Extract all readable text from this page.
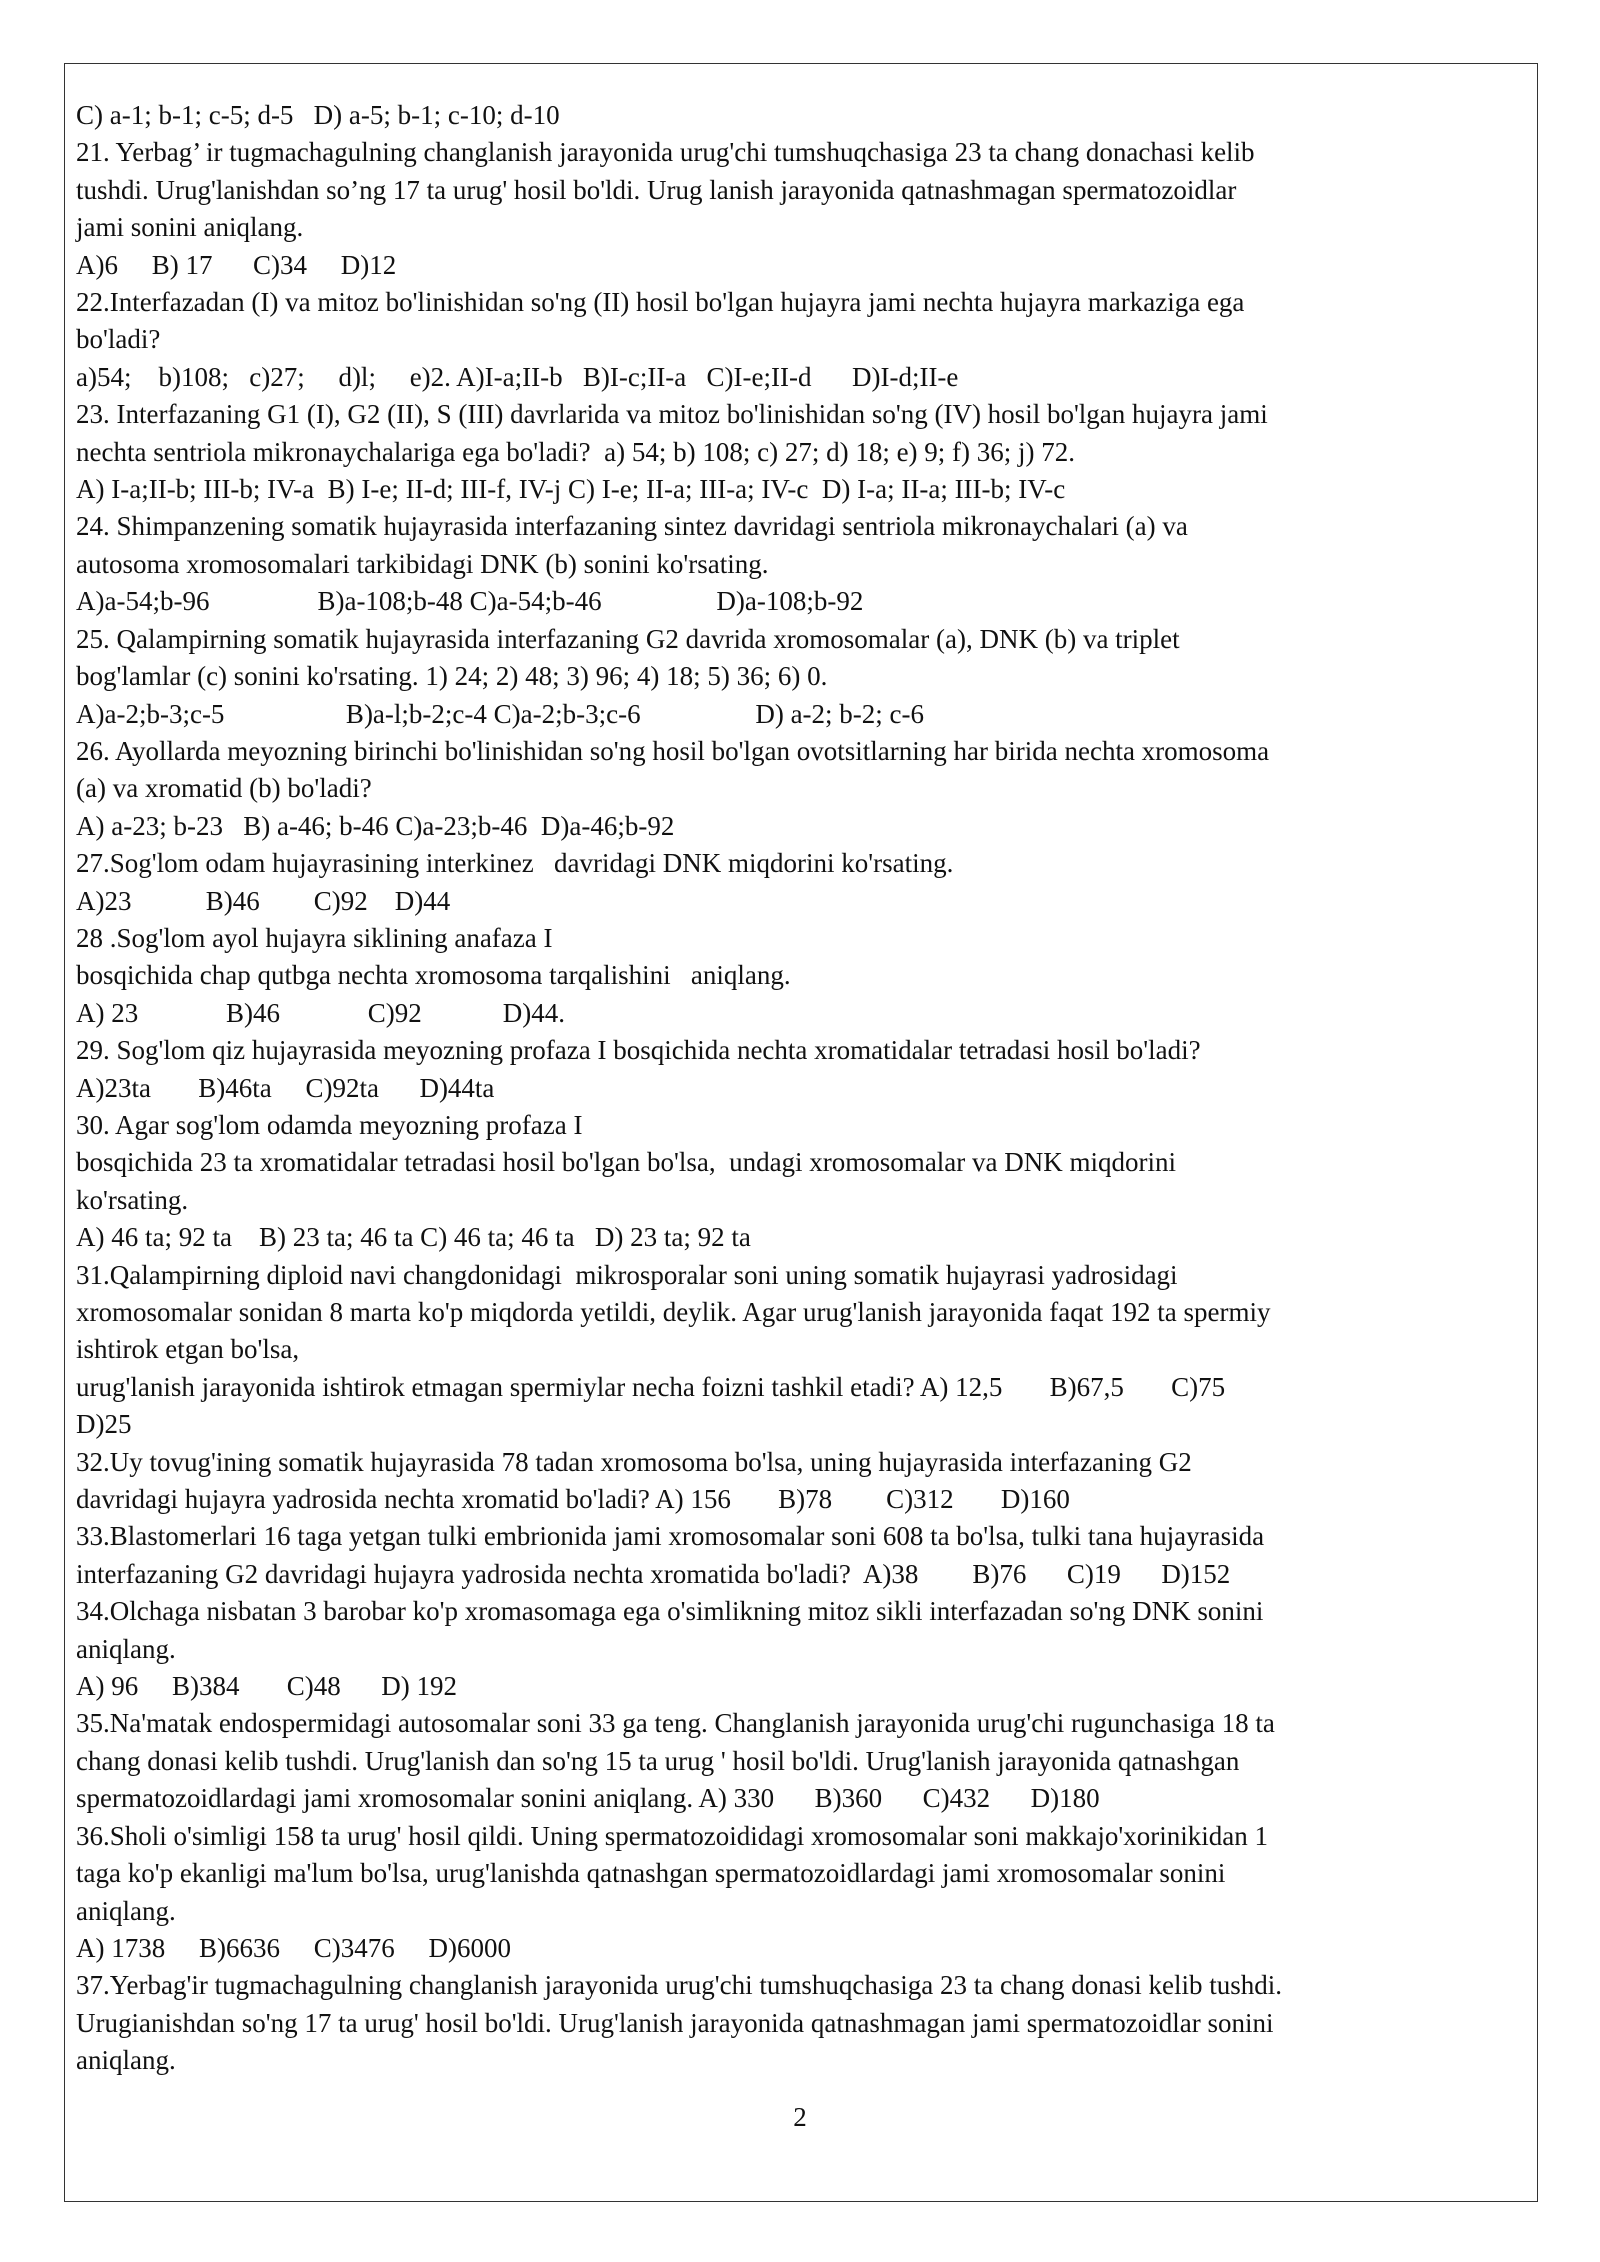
C) a-1; b-1; c-5; d-5   D) a-5; b-1; c-10; d-10

21. Yerbag’ ir tugmachagulning changlanish jarayonida urug'chi tumshuqchasiga 23 ta chang donachasi kelib

tushdi. Urug'lanishdan so’ng 17 ta urug' hosil bo'ldi. Urug lanish jarayonida qatnashmagan spermatozoidlar

jami sonini aniqlang.

A)6     B) 17      C)34     D)12

22.Interfazadan (I) va mitoz bo'linishidan so'ng (II) hosil bo'lgan hujayra jami nechta hujayra markaziga ega

bo'ladi?

a)54;    b)108;   c)27;     d)l;     e)2. A)I-a;II-b   B)I-c;II-a   C)I-e;II-d      D)I-d;II-e

23. Interfazaning G1 (I), G2 (II), S (III) davrlarida va mitoz bo'linishidan so'ng (IV) hosil bo'lgan hujayra jami

nechta sentriola mikronaychalariga ega bo'ladi?  a) 54; b) 108; c) 27; d) 18; e) 9; f) 36; j) 72.

A) I-a;II-b; III-b; IV-a  B) I-e; II-d; III-f, IV-j C) I-e; II-a; III-a; IV-c  D) I-a; II-a; III-b; IV-c

24. Shimpanzening somatik hujayrasida interfazaning sintez davridagi sentriola mikronaychalari (a) va

autosoma xromosomalari tarkibidagi DNK (b) sonini ko'rsating.

A)a-54;b-96                B)a-108;b-48 C)a-54;b-46                 D)a-108;b-92

25. Qalampirning somatik hujayrasida interfazaning G2 davrida xromosomalar (a), DNK (b) va triplet

bog'lamlar (c) sonini ko'rsating. 1) 24; 2) 48; 3) 96; 4) 18; 5) 36; 6) 0.

A)a-2;b-3;c-5                  B)a-l;b-2;c-4 C)a-2;b-3;c-6                 D) a-2; b-2; c-6

26. Ayollarda meyozning birinchi bo'linishidan so'ng hosil bo'lgan ovotsitlarning har birida nechta xromosoma

(a) va xromatid (b) bo'ladi?

A) a-23; b-23   B) a-46; b-46 C)a-23;b-46  D)a-46;b-92

27.Sog'lom odam hujayrasining interkinez   davridagi DNK miqdorini ko'rsating.

A)23           B)46        C)92    D)44

28 .Sog'lom ayol hujayra siklining anafaza I

bosqichida chap qutbga nechta xromosoma tarqalishini   aniqlang.

A) 23             B)46             C)92            D)44.

29. Sog'lom qiz hujayrasida meyozning profaza I bosqichida nechta xromatidalar tetradasi hosil bo'ladi?

A)23ta       B)46ta     C)92ta      D)44ta

30. Agar sog'lom odamda meyozning profaza I

bosqichida 23 ta xromatidalar tetradasi hosil bo'lgan bo'lsa,  undagi xromosomalar va DNK miqdorini

ko'rsating.

A) 46 ta; 92 ta    B) 23 ta; 46 ta C) 46 ta; 46 ta   D) 23 ta; 92 ta

31.Qalampirning diploid navi changdonidagi  mikrosporalar soni uning somatik hujayrasi yadrosidagi

xromosomalar sonidan 8 marta ko'p miqdorda yetildi, deylik. Agar urug'lanish jarayonida faqat 192 ta spermiy

ishtirok etgan bo'lsa,

urug'lanish jarayonida ishtirok etmagan spermiylar necha foizni tashkil etadi? A) 12,5       B)67,5       C)75

D)25

32.Uy tovug'ining somatik hujayrasida 78 tadan xromosoma bo'lsa, uning hujayrasida interfazaning G2

davridagi hujayra yadrosida nechta xromatid bo'ladi? A) 156       B)78        C)312       D)160

33.Blastomerlari 16 taga yetgan tulki embrionida jami xromosomalar soni 608 ta bo'lsa, tulki tana hujayrasida

interfazaning G2 davridagi hujayra yadrosida nechta xromatida bo'ladi?  A)38        B)76      C)19      D)152

34.Olchaga nisbatan 3 barobar ko'p xromasomaga ega o'simlikning mitoz sikli interfazadan so'ng DNK sonini

aniqlang.

A) 96     B)384       C)48      D) 192

35.Na'matak endospermidagi autosomalar soni 33 ga teng. Changlanish jarayonida urug'chi rugunchasiga 18 ta

chang donasi kelib tushdi. Urug'lanish dan so'ng 15 ta urug ' hosil bo'ldi. Urug'lanish jarayonida qatnashgan

spermatozoidlardagi jami xromosomalar sonini aniqlang. A) 330      B)360      C)432      D)180

36.Sholi o'simligi 158 ta urug' hosil qildi. Uning spermatozoididagi xromosomalar soni makkajo'xorinikidan 1

taga ko'p ekanligi ma'lum bo'lsa, urug'lanishda qatnashgan spermatozoidlardagi jami xromosomalar sonini

aniqlang.

A) 1738     B)6636     C)3476     D)6000

37.Yerbag'ir tugmachagulning changlanish jarayonida urug'chi tumshuqchasiga 23 ta chang donasi kelib tushdi.

Urugianishdan so'ng 17 ta urug' hosil bo'ldi. Urug'lanish jarayonida qatnashmagan jami spermatozoidlar sonini

aniqlang.

2
